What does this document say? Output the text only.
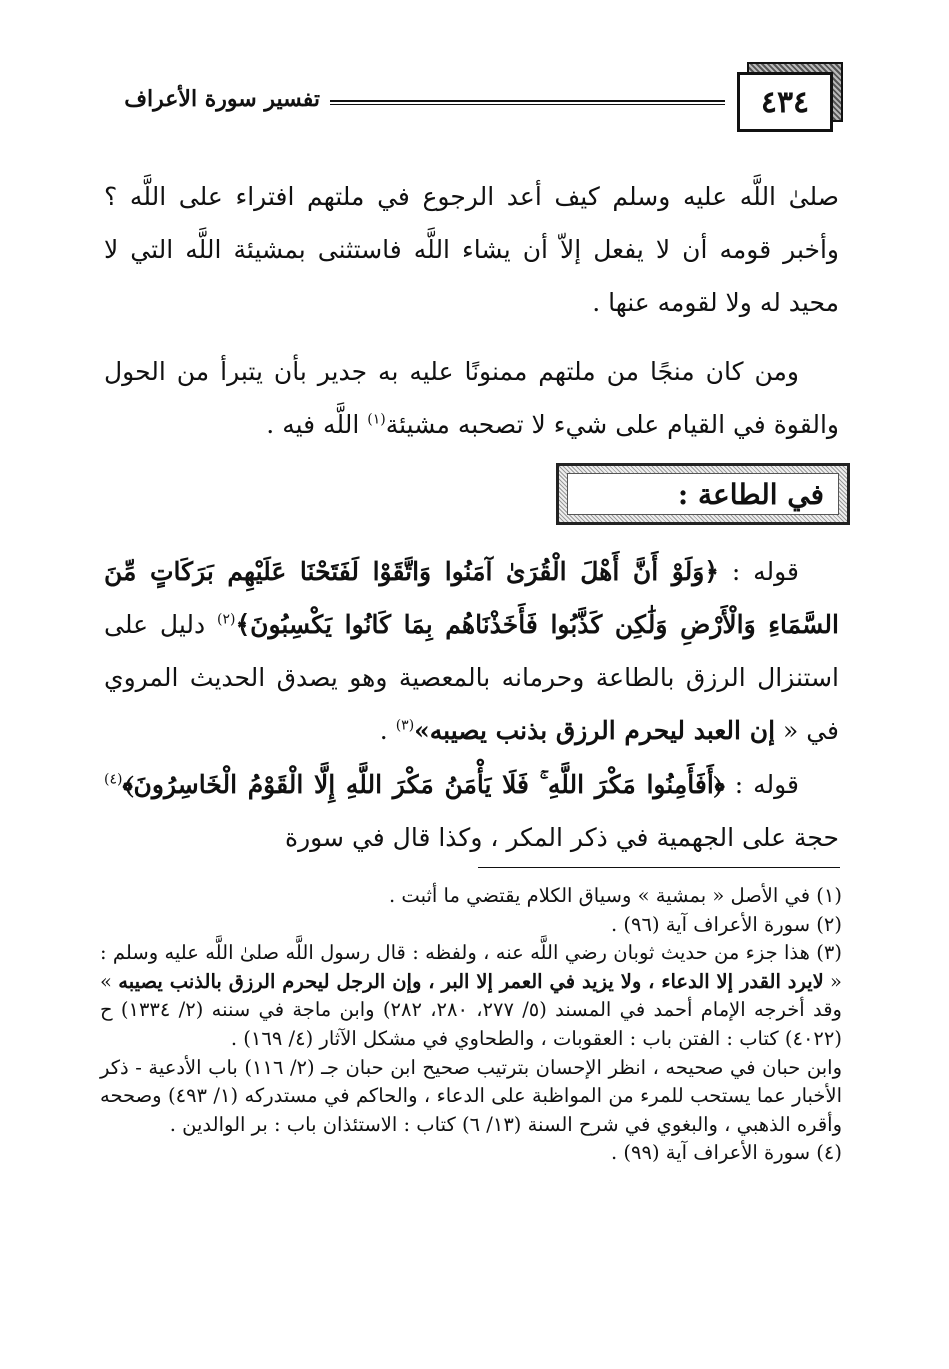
٤٣٤
تفسير سورة الأعراف
صلىٰ اللَّه عليه وسلم كيف أعد الرجوع في ملتهم افتراء على اللَّه ؟ وأخبر قومه أن لا يفعل إلاّ أن يشاء اللَّه فاستثنى بمشيئة اللَّه التي لا محيد له ولا لقومه عنها .
ومن كان منجًا من ملتهم ممنونًا عليه به جدير بأن يتبرأ من الحول والقوة في القيام على شيء لا تصحبه مشيئة$^{(١)}$ اللَّه فيه .
في الطاعة :
قوله : ﴿وَلَوْ أَنَّ أَهْلَ الْقُرَىٰ آمَنُوا وَاتَّقَوْا لَفَتَحْنَا عَلَيْهِم بَرَكَاتٍ مِّنَ السَّمَاءِ وَالْأَرْضِ وَلَٰكِن كَذَّبُوا فَأَخَذْنَاهُم بِمَا كَانُوا يَكْسِبُونَ﴾$^{(٢)}$ دليل على استنزال الرزق بالطاعة وحرمانه بالمعصية وهو يصدق الحديث المروي في « إن العبد ليحرم الرزق بذنب يصيبه»$^{(٣)}$ .
قوله : ﴿أَفَأَمِنُوا مَكْرَ اللَّهِ ۚ فَلَا يَأْمَنُ مَكْرَ اللَّهِ إِلَّا الْقَوْمُ الْخَاسِرُونَ﴾$^{(٤)}$ حجة على الجهمية في ذكر المكر ، وكذا قال في سورة

(١) في الأصل « بمشية » وسياق الكلام يقتضي ما أثبت .

(٢) سورة الأعراف آية (٩٦) .

(٣) هذا جزء من حديث ثوبان رضي اللَّه عنه ، ولفظه : قال رسول اللَّه صلىٰ اللَّه عليه وسلم : « لايرد القدر إلا الدعاء ، ولا يزيد في العمر إلا البر ، وإن الرجل ليحرم الرزق بالذنب يصيبه » وقد أخرجه الإمام أحمد في المسند (٥/ ٢٧٧، ٢٨٠، ٢٨٢) وابن ماجة في سننه (٢/ ١٣٣٤) ح (٤٠٢٢) كتاب : الفتن باب : العقوبات ، والطحاوي في مشكل الآثار (٤/ ١٦٩) .

وابن حبان في صحيحه ، انظر الإحسان بترتيب صحيح ابن حبان جـ (٢/ ١١٦) باب الأدعية - ذكر الأخبار عما يستحب للمرء من المواظبة على الدعاء ، والحاكم في مستدركه (١/ ٤٩٣) وصححه وأقره الذهبي ، والبغوي في شرح السنة (١٣/ ٦) كتاب : الاستئذان باب : بر الوالدين .

(٤) سورة الأعراف آية (٩٩) .
